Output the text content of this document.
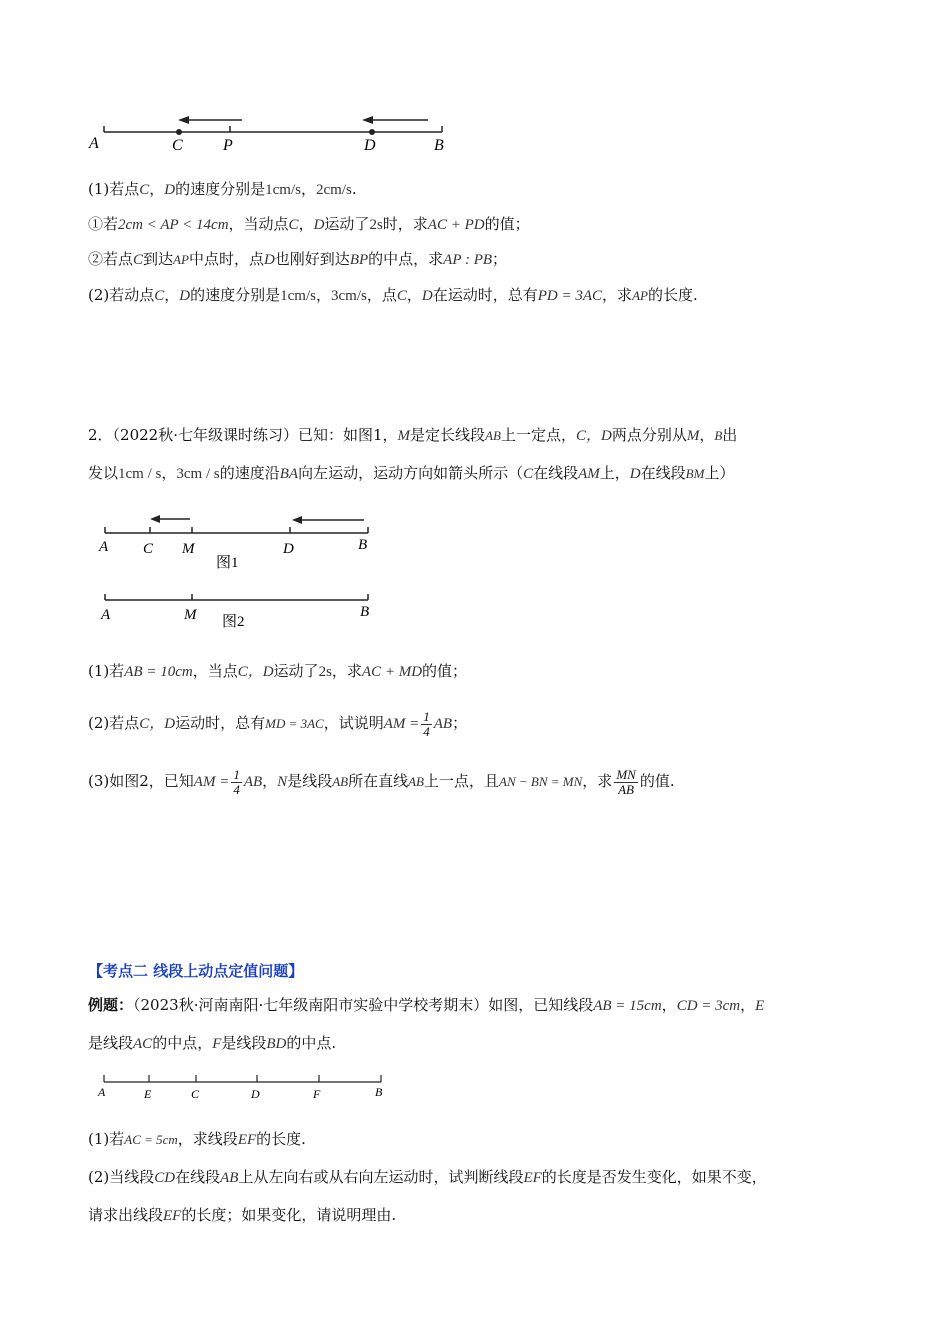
A	C	P	D	B
(1)若点C，D的速度分别是1cm/s，2cm/s.
①若2cm < AP < 14cm，当动点C，D运动了2s时，求AC + PD的值；
②若点C到达AP中点时，点D也刚好到达BP的中点，求AP : PB；
(2)若动点C，D的速度分别是1cm/s，3cm/s，点C，D在运动时，总有PD = 3AC，求AP的长度.
2．（2022秋·七年级课时练习）已知：如图1，M是定长线段AB上一定点，C，D两点分别从M，B出
发以1cm / s，3cm / s的速度沿BA向左运动，运动方向如箭头所示（C在线段AM上，D在线段BM上）
A C M	D	B
图1
A	M	B
图2
(1)若AB = 10cm，当点C，D运动了2s，求AC + MD的值；
(2)若点C，D运动时，总有MD = 3AC，试说明AM = $\frac{1}{4}$ AB；
(3)如图2，已知AM = $\frac{1}{4}$ AB，N是线段AB所在直线AB上一点，且AN − BN = MN，求 $\frac{MN}{AB}$ 的值.
【考点二 线段上动点定值问题】
例题：（2023秋·河南南阳·七年级南阳市实验中学校考期末）如图，已知线段AB = 15cm，CD = 3cm，E
是线段AC的中点，F是线段BD的中点.
A	E	C	D	F	B
(1)若AC = 5cm，求线段EF的长度.
(2)当线段CD在线段AB上从左向右或从右向左运动时，试判断线段EF的长度是否发生变化，如果不变，
请求出线段EF的长度；如果变化，请说明理由.
